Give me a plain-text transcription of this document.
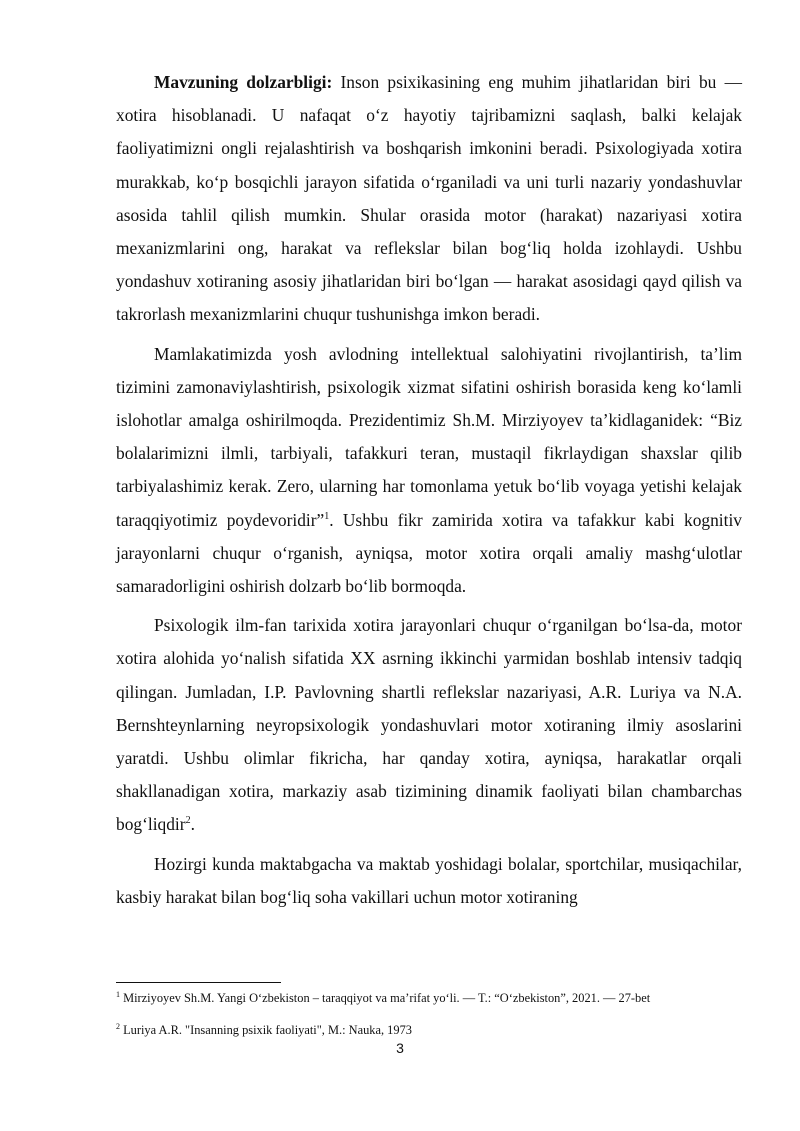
Mavzuning dolzarbligi: Inson psixikasining eng muhim jihatlaridan biri bu — xotira hisoblanadi. U nafaqat o‘z hayotiy tajribamizni saqlash, balki kelajak faoliyatimizni ongli rejalashtirish va boshqarish imkonini beradi. Psixologiyada xotira murakkab, ko‘p bosqichli jarayon sifatida o‘rganiladi va uni turli nazariy yondashuvlar asosida tahlil qilish mumkin. Shular orasida motor (harakat) nazariyasi xotira mexanizmlarini ong, harakat va reflekslar bilan bog‘liq holda izohlaydi. Ushbu yondashuv xotiraning asosiy jihatlaridan biri bo‘lgan — harakat asosidagi qayd qilish va takrorlash mexanizmlarini chuqur tushunishga imkon beradi.

Mamlakatimizda yosh avlodning intellektual salohiyatini rivojlantirish, ta’lim tizimini zamonaviylashtirish, psixologik xizmat sifatini oshirish borasida keng ko‘lamli islohotlar amalga oshirilmoqda. Prezidentimiz Sh.M. Mirziyoyev ta’kidlaganidek: “Biz bolalarimizni ilmli, tarbiyali, tafakkuri teran, mustaqil fikrlaydigan shaxslar qilib tarbiyalashimiz kerak. Zero, ularning har tomonlama yetuk bo‘lib voyaga yetishi kelajak taraqqiyotimiz poydevoridir”$^1$. Ushbu fikr zamirida xotira va tafakkur kabi kognitiv jarayonlarni chuqur o‘rganish, ayniqsa, motor xotira orqali amaliy mashg‘ulotlar samaradorligini oshirish dolzarb bo‘lib bormoqda.

Psixologik ilm-fan tarixida xotira jarayonlari chuqur o‘rganilgan bo‘lsa-da, motor xotira alohida yo‘nalish sifatida XX asrning ikkinchi yarmidan boshlab intensiv tadqiq qilingan. Jumladan, I.P. Pavlovning shartli reflekslar nazariyasi, A.R. Luriya va N.A. Bernshteynlarning neyropsixologik yondashuvlari motor xotiraning ilmiy asoslarini yaratdi. Ushbu olimlar fikricha, har qanday xotira, ayniqsa, harakatlar orqali shakllanadigan xotira, markaziy asab tizimining dinamik faoliyati bilan chambarchas bog‘liqdir$^2$.

Hozirgi kunda maktabgacha va maktab yoshidagi bolalar, sportchilar, musiqachilar, kasbiy harakat bilan bog‘liq soha vakillari uchun motor xotiraning

$^1$ Mirziyoyev Sh.M. Yangi O‘zbekiston – taraqqiyot va ma’rifat yo‘li. — T.: “O‘zbekiston”, 2021. — 27-bet
$^2$ Luriya A.R. "Insanning psixik faoliyati", M.: Nauka, 1973
3
